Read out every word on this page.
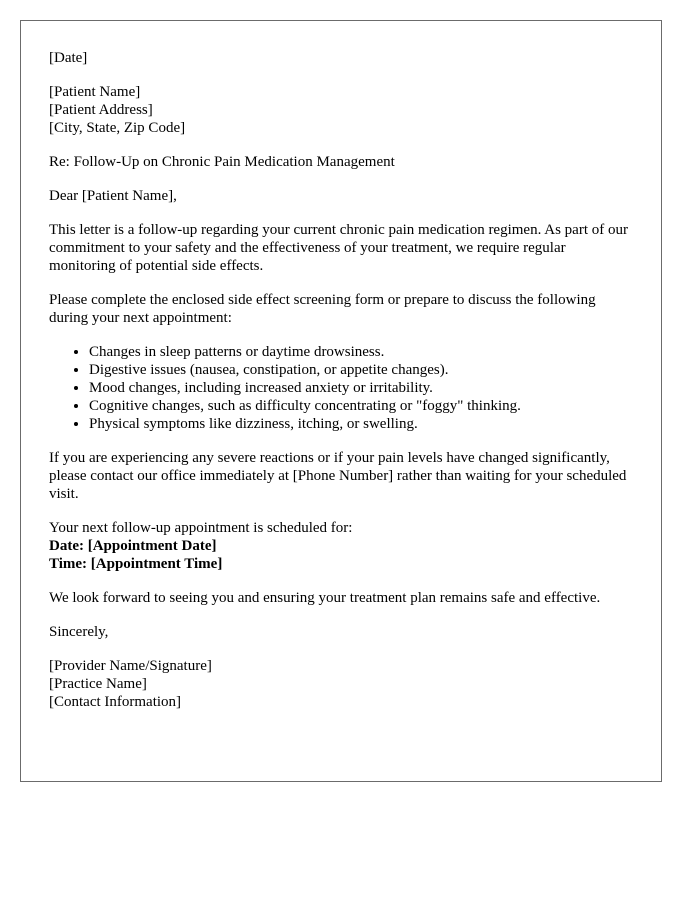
[Date]
[Patient Name]
[Patient Address]
[City, State, Zip Code]
Re: Follow-Up on Chronic Pain Medication Management
Dear [Patient Name],

This letter is a follow-up regarding your current chronic pain medication regimen. As part of our commitment to your safety and the effectiveness of your treatment, we require regular monitoring of potential side effects.

Please complete the enclosed side effect screening form or prepare to discuss the following during your next appointment:

• Changes in sleep patterns or daytime drowsiness.
• Digestive issues (nausea, constipation, or appetite changes).
• Mood changes, including increased anxiety or irritability.
• Cognitive changes, such as difficulty concentrating or "foggy" thinking.
• Physical symptoms like dizziness, itching, or swelling.

If you are experiencing any severe reactions or if your pain levels have changed significantly, please contact our office immediately at [Phone Number] rather than waiting for your scheduled visit.

Your next follow-up appointment is scheduled for:
Date: [Appointment Date]
Time: [Appointment Time]

We look forward to seeing you and ensuring your treatment plan remains safe and effective.

Sincerely,
[Provider Name/Signature]
[Practice Name]
[Contact Information]
